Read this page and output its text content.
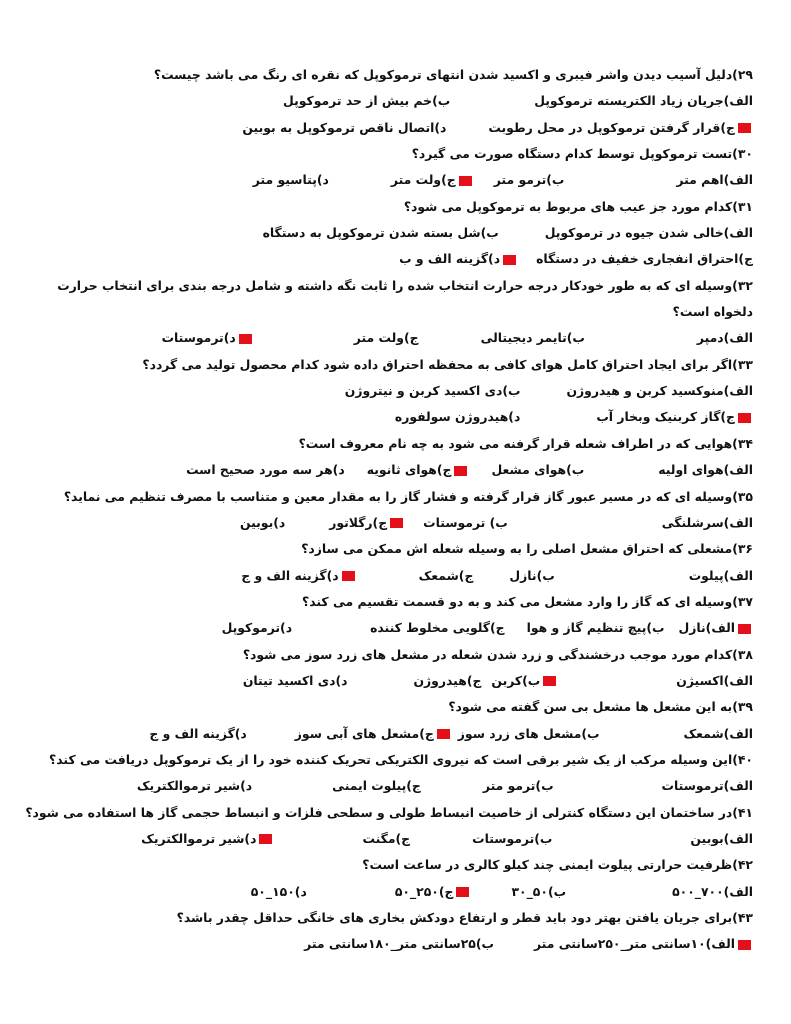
۲۹)دلیل آسیب دیدن واشر فیبری و اکسید شدن انتهای ترموکوپل که نقره ای رنگ می باشد چیست؟
الف)جریان زیاد الکتریسته ترموکوپل
ب)خم بیش از حد ترموکوپل
ج)قرار گرفتن ترموکوپل در محل رطوبت
د)اتصال ناقص ترموکوپل به بوبین
۳۰)تست ترموکوپل توسط کدام دستگاه صورت می گیرد؟
الف)اهم متر
ب)ترمو متر
ج)ولت متر
د)پتاسیو متر
۳۱)کدام مورد جز عیب های مربوط به ترموکوپل می شود؟
الف)خالی شدن جیوه در ترموکوپل
ب)شل بسته شدن ترموکوپل به دستگاه
ج)احتراق انفجاری خفیف در دستگاه
د)گزینه الف و ب
۳۲)وسیله ای که به طور خودکار درجه حرارت انتخاب شده را ثابت نگه داشته و شامل درجه بندی برای انتخاب حرارت
دلخواه است؟
الف)دمپر
ب)تایمر دیجیتالی
ج)ولت متر
د)ترموستات
۳۳)اگر برای ایجاد احتراق کامل هوای کافی به محفظه احتراق داده شود کدام محصول تولید می گردد؟
الف)منوکسید کربن و هیدروژن
ب)دی اکسید کربن و نیتروژن
ج)گاز کربنیک وبخار آب
د)هیدروژن سولفوره
۳۴)هوایی که در اطراف شعله قرار گرفنه می شود به چه نام معروف است؟
الف)هوای اولیه
ب)هوای مشعل
ج)هوای ثانویه
د)هر سه مورد صحیح است
۳۵)وسیله ای که در مسیر عبور گاز قرار گرفته و فشار گاز را به مقدار معین و متناسب با مصرف تنظیم می نماید؟
الف)سرشلنگی
ب) ترموستات
ج)رگلاتور
د)بوبین
۳۶)مشعلی که احتراق مشعل اصلی را به وسیله شعله اش ممکن می سازد؟
الف)پیلوت
ب)نازل
ج)شمعک
د)گزینه الف و ج
۳۷)وسیله ای که گاز را وارد مشعل می کند و به دو قسمت تقسیم می کند؟
الف)نازل
ب)پیچ تنظیم گاز و هوا
ج)گلویی مخلوط کننده
د)ترموکوپل
۳۸)کدام مورد موجب درخشندگی و زرد شدن شعله در مشعل های زرد سوز می شود؟
الف)اکسیژن
ب)کربن
ج)هیدروژن
د)دی اکسید تیتان
۳۹)به این مشعل ها مشعل بی سن گفته می شود؟
الف)شمعک
ب)مشعل های زرد سوز
ج)مشعل های آبی سوز
د)گزینه الف و ج
۴۰)این وسیله مرکب از یک شیر برقی است که نیروی الکتریکی تحریک کننده خود را از یک ترموکوپل دریافت می کند؟
الف)ترموستات
ب)ترمو متر
ج)پیلوت ایمنی
د)شیر ترموالکتریک
۴۱)در ساختمان این دستگاه کنترلی از خاصیت انبساط طولی و سطحی فلزات و انبساط حجمی گاز ها استفاده می شود؟
الف)بوبین
ب)ترموستات
ج)مگنت
د)شیر ترموالکتریک
۴۲)ظرفیت حرارتی پیلوت ایمنی چند کیلو کالری در ساعت است؟
الف)۷۰۰_۵۰۰
ب)۵۰_۳۰
ج)۲۵۰_۵۰
د)۱۵۰_۵۰
۴۳)برای جریان یافتن بهتر دود باید قطر و ارتفاع دودکش بخاری های خانگی حداقل چقدر باشد؟
الف)۱۰سانتی متر_۲۵۰سانتی متر
ب)۲۵سانتی متر_۱۸۰سانتی متر
